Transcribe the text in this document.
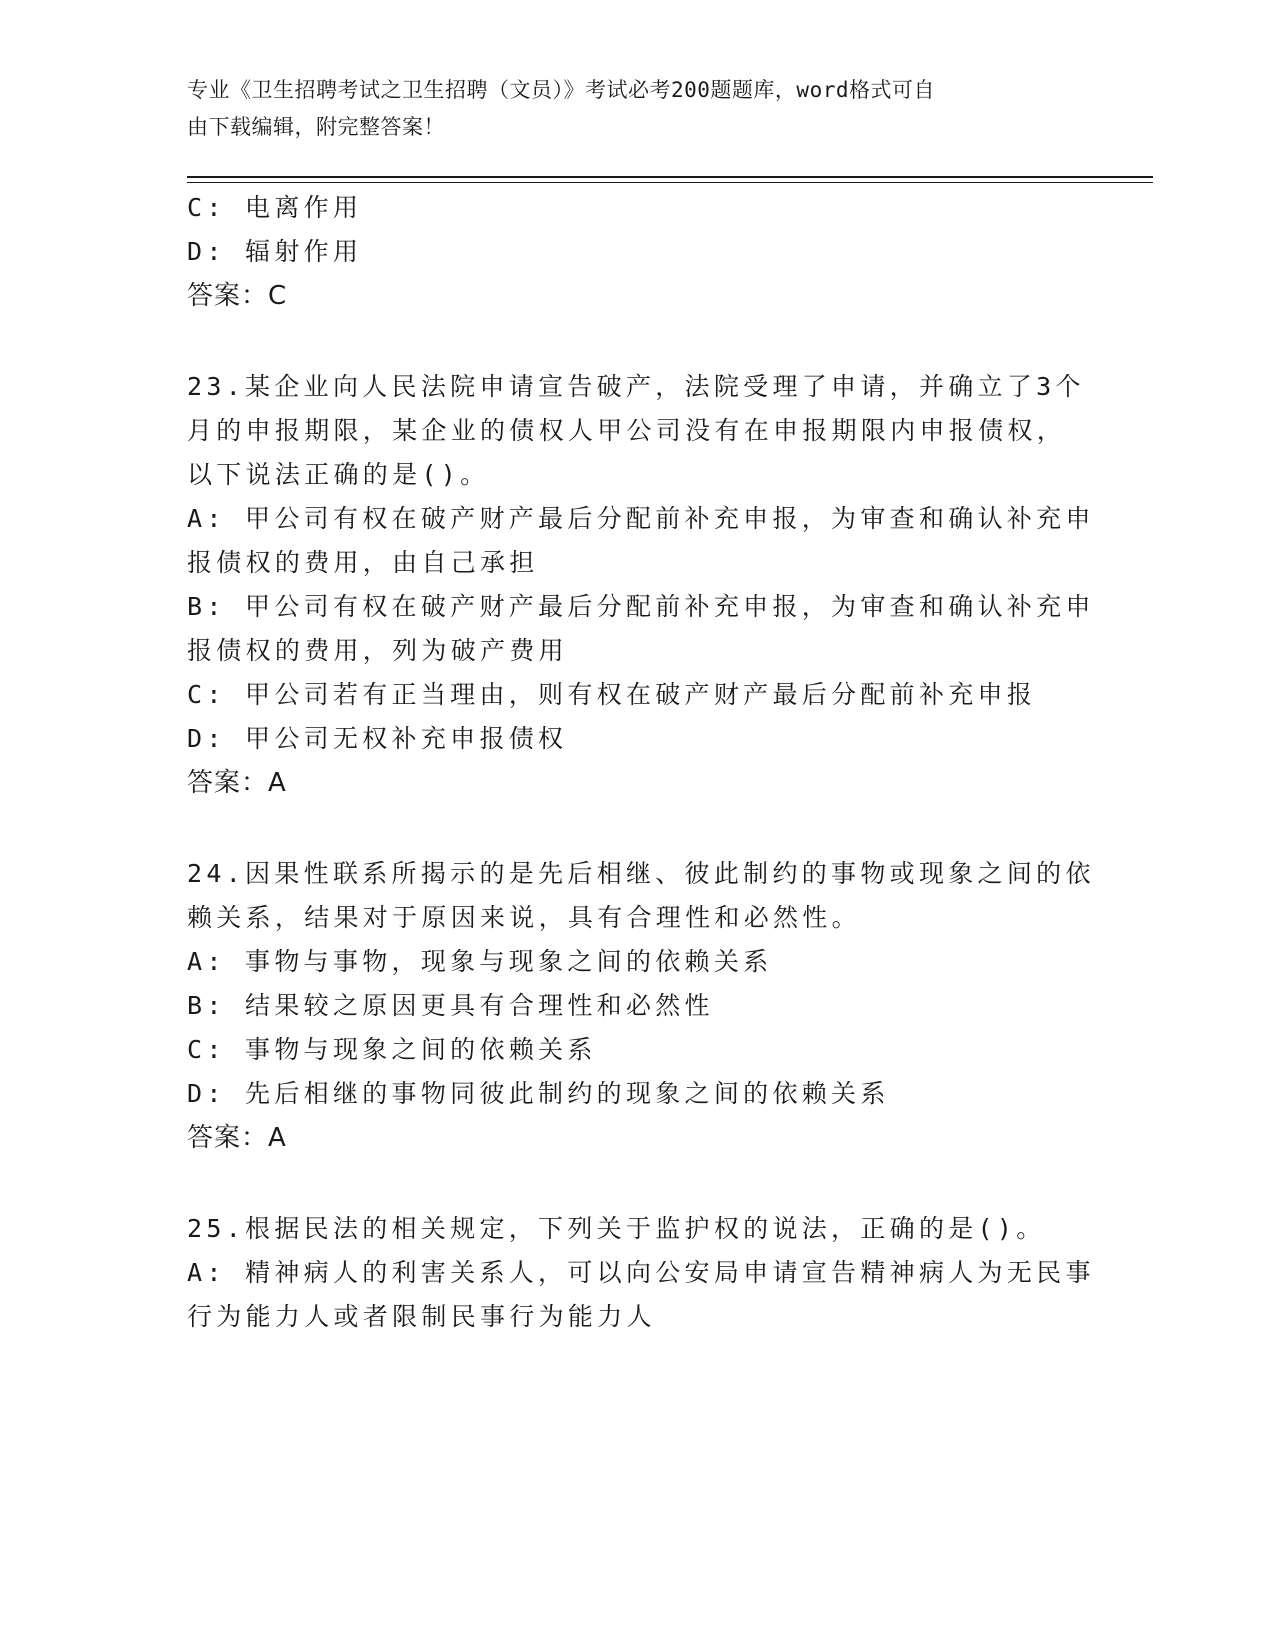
专业《卫生招聘考试之卫生招聘（文员）》考试必考200题题库，word格式可自
由下载编辑，附完整答案！
C: 电离作用
D: 辐射作用
答案：C
23.某企业向人民法院申请宣告破产，法院受理了申请，并确立了3个
月的申报期限，某企业的债权人甲公司没有在申报期限内申报债权，
以下说法正确的是()。
A: 甲公司有权在破产财产最后分配前补充申报，为审查和确认补充申
报债权的费用，由自己承担
B: 甲公司有权在破产财产最后分配前补充申报，为审查和确认补充申
报债权的费用，列为破产费用
C: 甲公司若有正当理由，则有权在破产财产最后分配前补充申报
D: 甲公司无权补充申报债权
答案：A
24.因果性联系所揭示的是先后相继、彼此制约的事物或现象之间的依
赖关系，结果对于原因来说，具有合理性和必然性。
A: 事物与事物，现象与现象之间的依赖关系
B: 结果较之原因更具有合理性和必然性
C: 事物与现象之间的依赖关系
D: 先后相继的事物同彼此制约的现象之间的依赖关系
答案：A
25.根据民法的相关规定，下列关于监护权的说法，正确的是()。
A: 精神病人的利害关系人，可以向公安局申请宣告精神病人为无民事
行为能力人或者限制民事行为能力人
